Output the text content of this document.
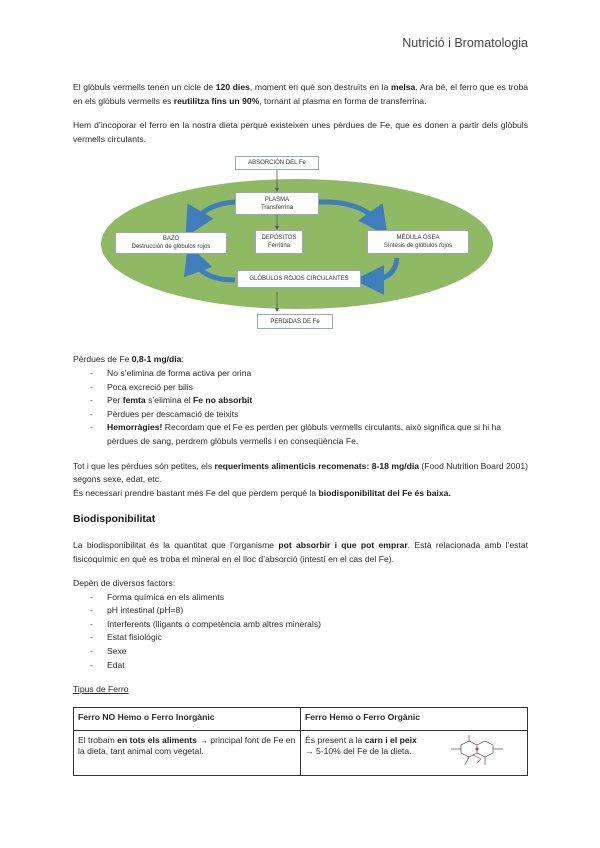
Nutrició i Bromatologia

El glòbuls vermells tenen un cicle de 120 dies, moment en què son destruïts en la melsa. Ara bé, el ferro que es troba en els glòbuls vermells es reutilitza fins un 90%, tornant al plasma en forma de transferrina.

Hem d’incoporar el ferro en la nostra dieta perquè existeixen unes pèrdues de Fe, que es donen a partir dels glòbuls vermells circulants.

ABSORCIÓN DEL Fe
PLASMA
Transferrina
BAZO
Destrucción de glóbulos rojos
DEPÓSITOS
Ferritina
MÉDULA ÓSEA
Síntesis de glóbulos rojos
GLÓBULOS ROJOS CIRCULANTES
PERDIDAS DE Fe

Pèrdues de Fe 0,8-1 mg/dia:

- No s’elimina de forma activa per orina
- Poca excreció per bilis
- Per femta s’elimina el Fe no absorbit
- Pèrdues per descamació de teixits
- Hemorràgies! Recordam que el Fe es perden per glòbuls vermells circulants, això significa que si hi ha pèrdues de sang, perdrem glòbuls vermells i en conseqüència Fe.

Tot i que les pèrdues són petites, els requeriments alimenticis recomenats: 8-18 mg/dia (Food Nutrition Board 2001) segons sexe, edat, etc.

És necessari prendre bastant més Fe del que perdem perquè la biodisponibilitat del Fe és baixa.

Biodisponibilitat

La biodisponibilitat és la quantitat que l’organisme pot absorbir i que pot emprar. Està relacionada amb l’estat fisicoquímic en què es troba el mineral en el lloc d’absorció (intestí en el cas del Fe).

Depèn de diversos factors:

- Forma química en els aliments
- pH intestinal (pH=8)
- Interferents (lligants o competència amb altres minerals)
- Estat fisiològic
- Sexe
- Edat

Tipus de Ferro

Ferro NO Hemo o Ferro Inorgànic	Ferro Hemo o Ferro Orgànic
El trobam en tots els aliments → principal font de Fe en la dieta, tant animal com vegetal.	És present a la carn i el peix
→ 5-10% del Fe de la dieta.
